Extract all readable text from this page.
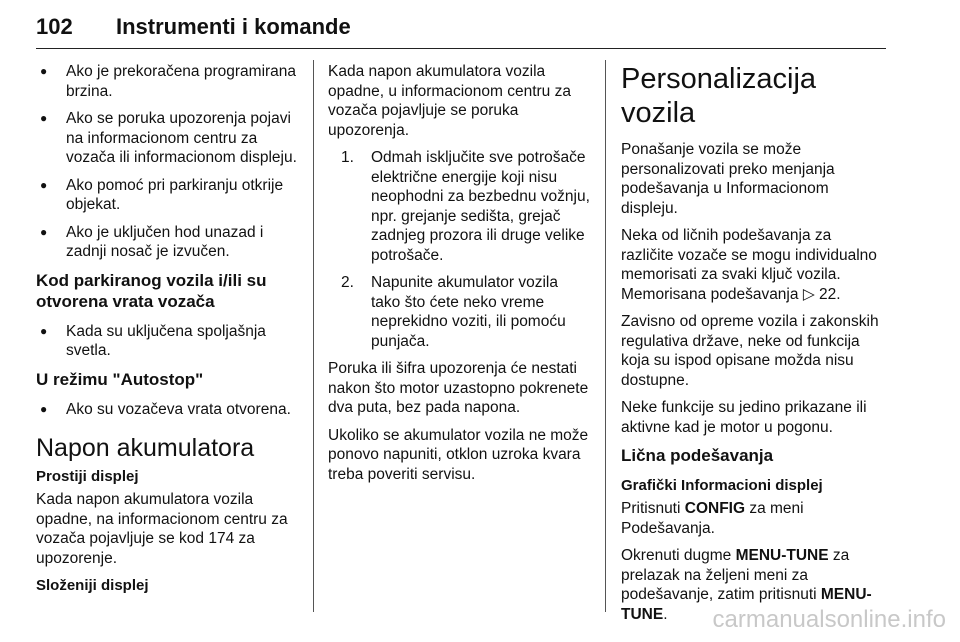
102 Instrumenti i komande
● Ako je prekoračena programirana brzina.
● Ako se poruka upozorenja pojavi na informacionom centru za vozača ili informacionom displeju.
● Ako pomoć pri parkiranju otkrije objekat.
● Ako je uključen hod unazad i zadnji nosač je izvučen.
Kod parkiranog vozila i/ili su otvorena vrata vozača
● Kada su uključena spoljašnja svetla.
U režimu "Autostop"
● Ako su vozačeva vrata otvorena.
Napon akumulatora
Prostiji displej

Kada napon akumulatora vozila opadne, na informacionom centru za vozača pojavljuje se kod 174 za upozorenje.

Složeniji displej

Kada napon akumulatora vozila opadne, u informacionom centru za vozača pojavljuje se poruka upozorenja.

1. Odmah isključite sve potrošače električne energije koji nisu neophodni za bezbednu vožnju, npr. grejanje sedišta, grejač zadnjeg prozora ili druge velike potrošače.
2. Napunite akumulator vozila tako što ćete neko vreme neprekidno voziti, ili pomoću punjača.

Poruka ili šifra upozorenja će nestati nakon što motor uzastopno pokrenete dva puta, bez pada napona.

Ukoliko se akumulator vozila ne može ponovo napuniti, otklon uzroka kvara treba poveriti servisu.

Personalizacija vozila

Ponašanje vozila se može personalizovati preko menjanja podešavanja u Informacionom displeju.

Neka od ličnih podešavanja za različite vozače se mogu individualno memorisati za svaki ključ vozila. Memorisana podešavanja ▷ 22.

Zavisno od opreme vozila i zakonskih regulativa države, neke od funkcija koja su ispod opisane možda nisu dostupne.

Neke funkcije su jedino prikazane ili aktivne kad je motor u pogonu.

Lična podešavanja
Grafički Informacioni displej

Pritisnuti CONFIG za meni Podešavanja.

Okrenuti dugme MENU-TUNE za prelazak na željeni meni za podešavanje, zatim pritisnuti MENU-TUNE.	carmanualsonline.info
